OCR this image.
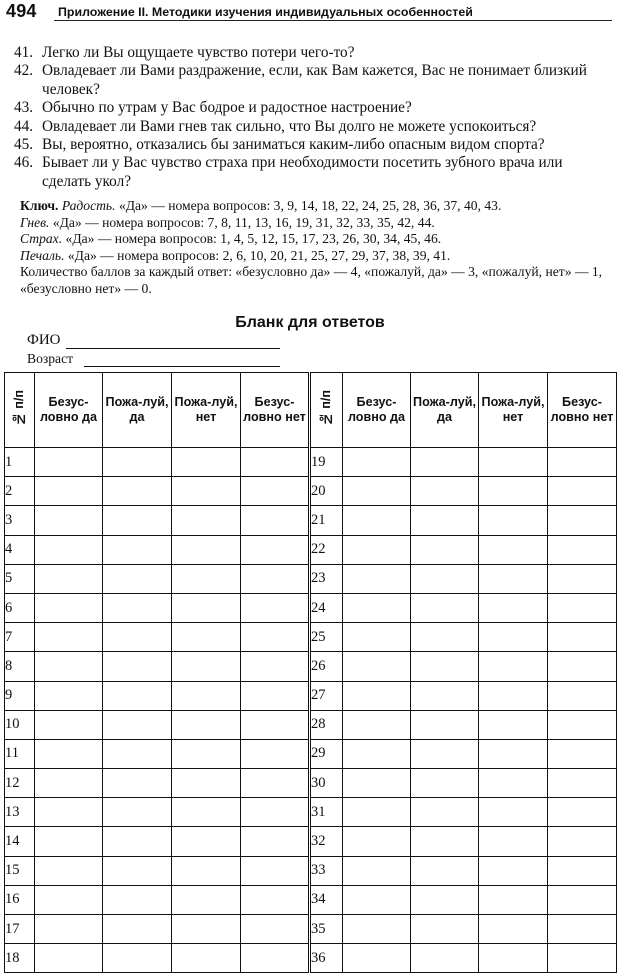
494 Приложение II. Методики изучения индивидуальных особенностей
41. Легко ли Вы ощущаете чувство потери чего-то?
42. Овладевает ли Вами раздражение, если, как Вам кажется, Вас не понимает близкий человек?
43. Обычно по утрам у Вас бодрое и радостное настроение?
44. Овладевает ли Вами гнев так сильно, что Вы долго не можете успокоиться?
45. Вы, вероятно, отказались бы заниматься каким-либо опасным видом спорта?
46. Бывает ли у Вас чувство страха при необходимости посетить зубного врача или сделать укол?

Ключ. Радость. «Да» — номера вопросов: 3, 9, 14, 18, 22, 24, 25, 28, 36, 37, 40, 43.

Гнев. «Да» — номера вопросов: 7, 8, 11, 13, 16, 19, 31, 32, 33, 35, 42, 44.

Страх. «Да» — номера вопросов: 1, 4, 5, 12, 15, 17, 23, 26, 30, 34, 45, 46.

Печаль. «Да» — номера вопросов: 2, 6, 10, 20, 21, 25, 27, 29, 37, 38, 39, 41.

Количество баллов за каждый ответ: «безусловно да» — 4, «пожалуй, да» — 3, «пожалуй, нет» — 1, «безусловно нет» — 0.

Бланк для ответов
ФИО
Возраст
№ п/п	Безус-ловно да	Пожа-луй, да	Пожа-луй, нет	Безус-ловно нет	№ п/п	Безус-ловно да	Пожа-луй, да	Пожа-луй, нет	Безус-ловно нет
1					19				
2					20				
3					21				
4					22				
5					23				
6					24				
7					25				
8					26				
9					27				
10					28				
11					29				
12					30				
13					31				
14					32				
15					33				
16					34				
17					35				
18					36				
